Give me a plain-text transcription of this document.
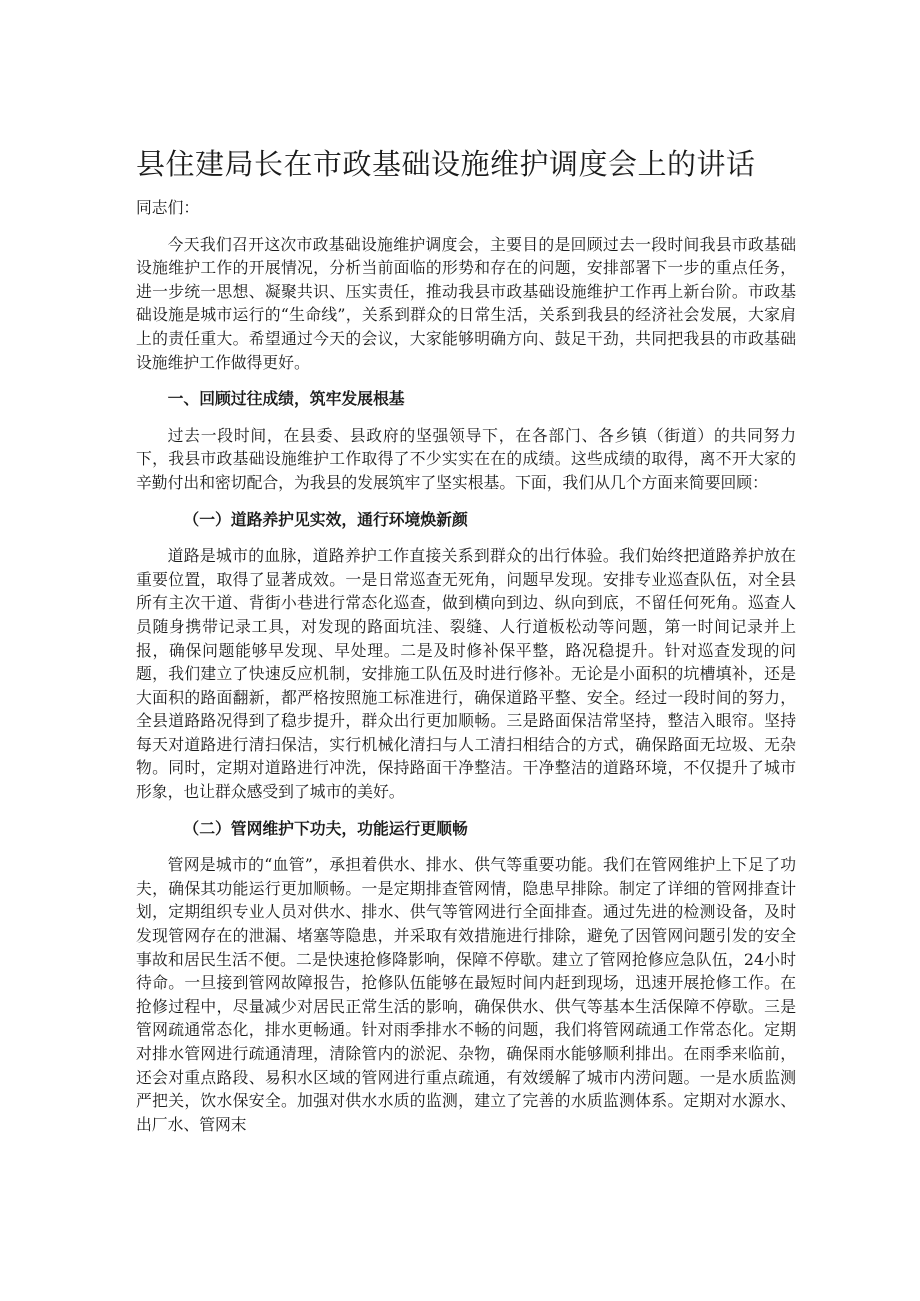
县住建局长在市政基础设施维护调度会上的讲话
同志们：

今天我们召开这次市政基础设施维护调度会，主要目的是回顾过去一段时间我县市政基础设施维护工作的开展情况，分析当前面临的形势和存在的问题，安排部署下一步的重点任务，进一步统一思想、凝聚共识、压实责任，推动我县市政基础设施维护工作再上新台阶。市政基础设施是城市运行的“生命线”，关系到群众的日常生活，关系到我县的经济社会发展，大家肩上的责任重大。希望通过今天的会议，大家能够明确方向、鼓足干劲，共同把我县的市政基础设施维护工作做得更好。

一、回顾过往成绩，筑牢发展根基

过去一段时间，在县委、县政府的坚强领导下，在各部门、各乡镇（街道）的共同努力下，我县市政基础设施维护工作取得了不少实实在在的成绩。这些成绩的取得，离不开大家的辛勤付出和密切配合，为我县的发展筑牢了坚实根基。下面，我们从几个方面来简要回顾：

（一）道路养护见实效，通行环境焕新颜

道路是城市的血脉，道路养护工作直接关系到群众的出行体验。我们始终把道路养护放在重要位置，取得了显著成效。一是日常巡查无死角，问题早发现。安排专业巡查队伍，对全县所有主次干道、背街小巷进行常态化巡查，做到横向到边、纵向到底，不留任何死角。巡查人员随身携带记录工具，对发现的路面坑洼、裂缝、人行道板松动等问题，第一时间记录并上报，确保问题能够早发现、早处理。二是及时修补保平整，路况稳提升。针对巡查发现的问题，我们建立了快速反应机制，安排施工队伍及时进行修补。无论是小面积的坑槽填补，还是大面积的路面翻新，都严格按照施工标准进行，确保道路平整、安全。经过一段时间的努力，全县道路路况得到了稳步提升，群众出行更加顺畅。三是路面保洁常坚持，整洁入眼帘。坚持每天对道路进行清扫保洁，实行机械化清扫与人工清扫相结合的方式，确保路面无垃圾、无杂物。同时，定期对道路进行冲洗，保持路面干净整洁。干净整洁的道路环境，不仅提升了城市形象，也让群众感受到了城市的美好。

（二）管网维护下功夫，功能运行更顺畅

管网是城市的“血管”，承担着供水、排水、供气等重要功能。我们在管网维护上下足了功夫，确保其功能运行更加顺畅。一是定期排查管网情，隐患早排除。制定了详细的管网排查计划，定期组织专业人员对供水、排水、供气等管网进行全面排查。通过先进的检测设备，及时发现管网存在的泄漏、堵塞等隐患，并采取有效措施进行排除，避免了因管网问题引发的安全事故和居民生活不便。二是快速抢修降影响，保障不停歇。建立了管网抢修应急队伍，24小时待命。一旦接到管网故障报告，抢修队伍能够在最短时间内赶到现场，迅速开展抢修工作。在抢修过程中，尽量减少对居民正常生活的影响，确保供水、供气等基本生活保障不停歇。三是管网疏通常态化，排水更畅通。针对雨季排水不畅的问题，我们将管网疏通工作常态化。定期对排水管网进行疏通清理，清除管内的淤泥、杂物，确保雨水能够顺利排出。在雨季来临前，还会对重点路段、易积水区域的管网进行重点疏通，有效缓解了城市内涝问题。一是水质监测严把关，饮水保安全。加强对供水水质的监测，建立了完善的水质监测体系。定期对水源水、出厂水、管网末
